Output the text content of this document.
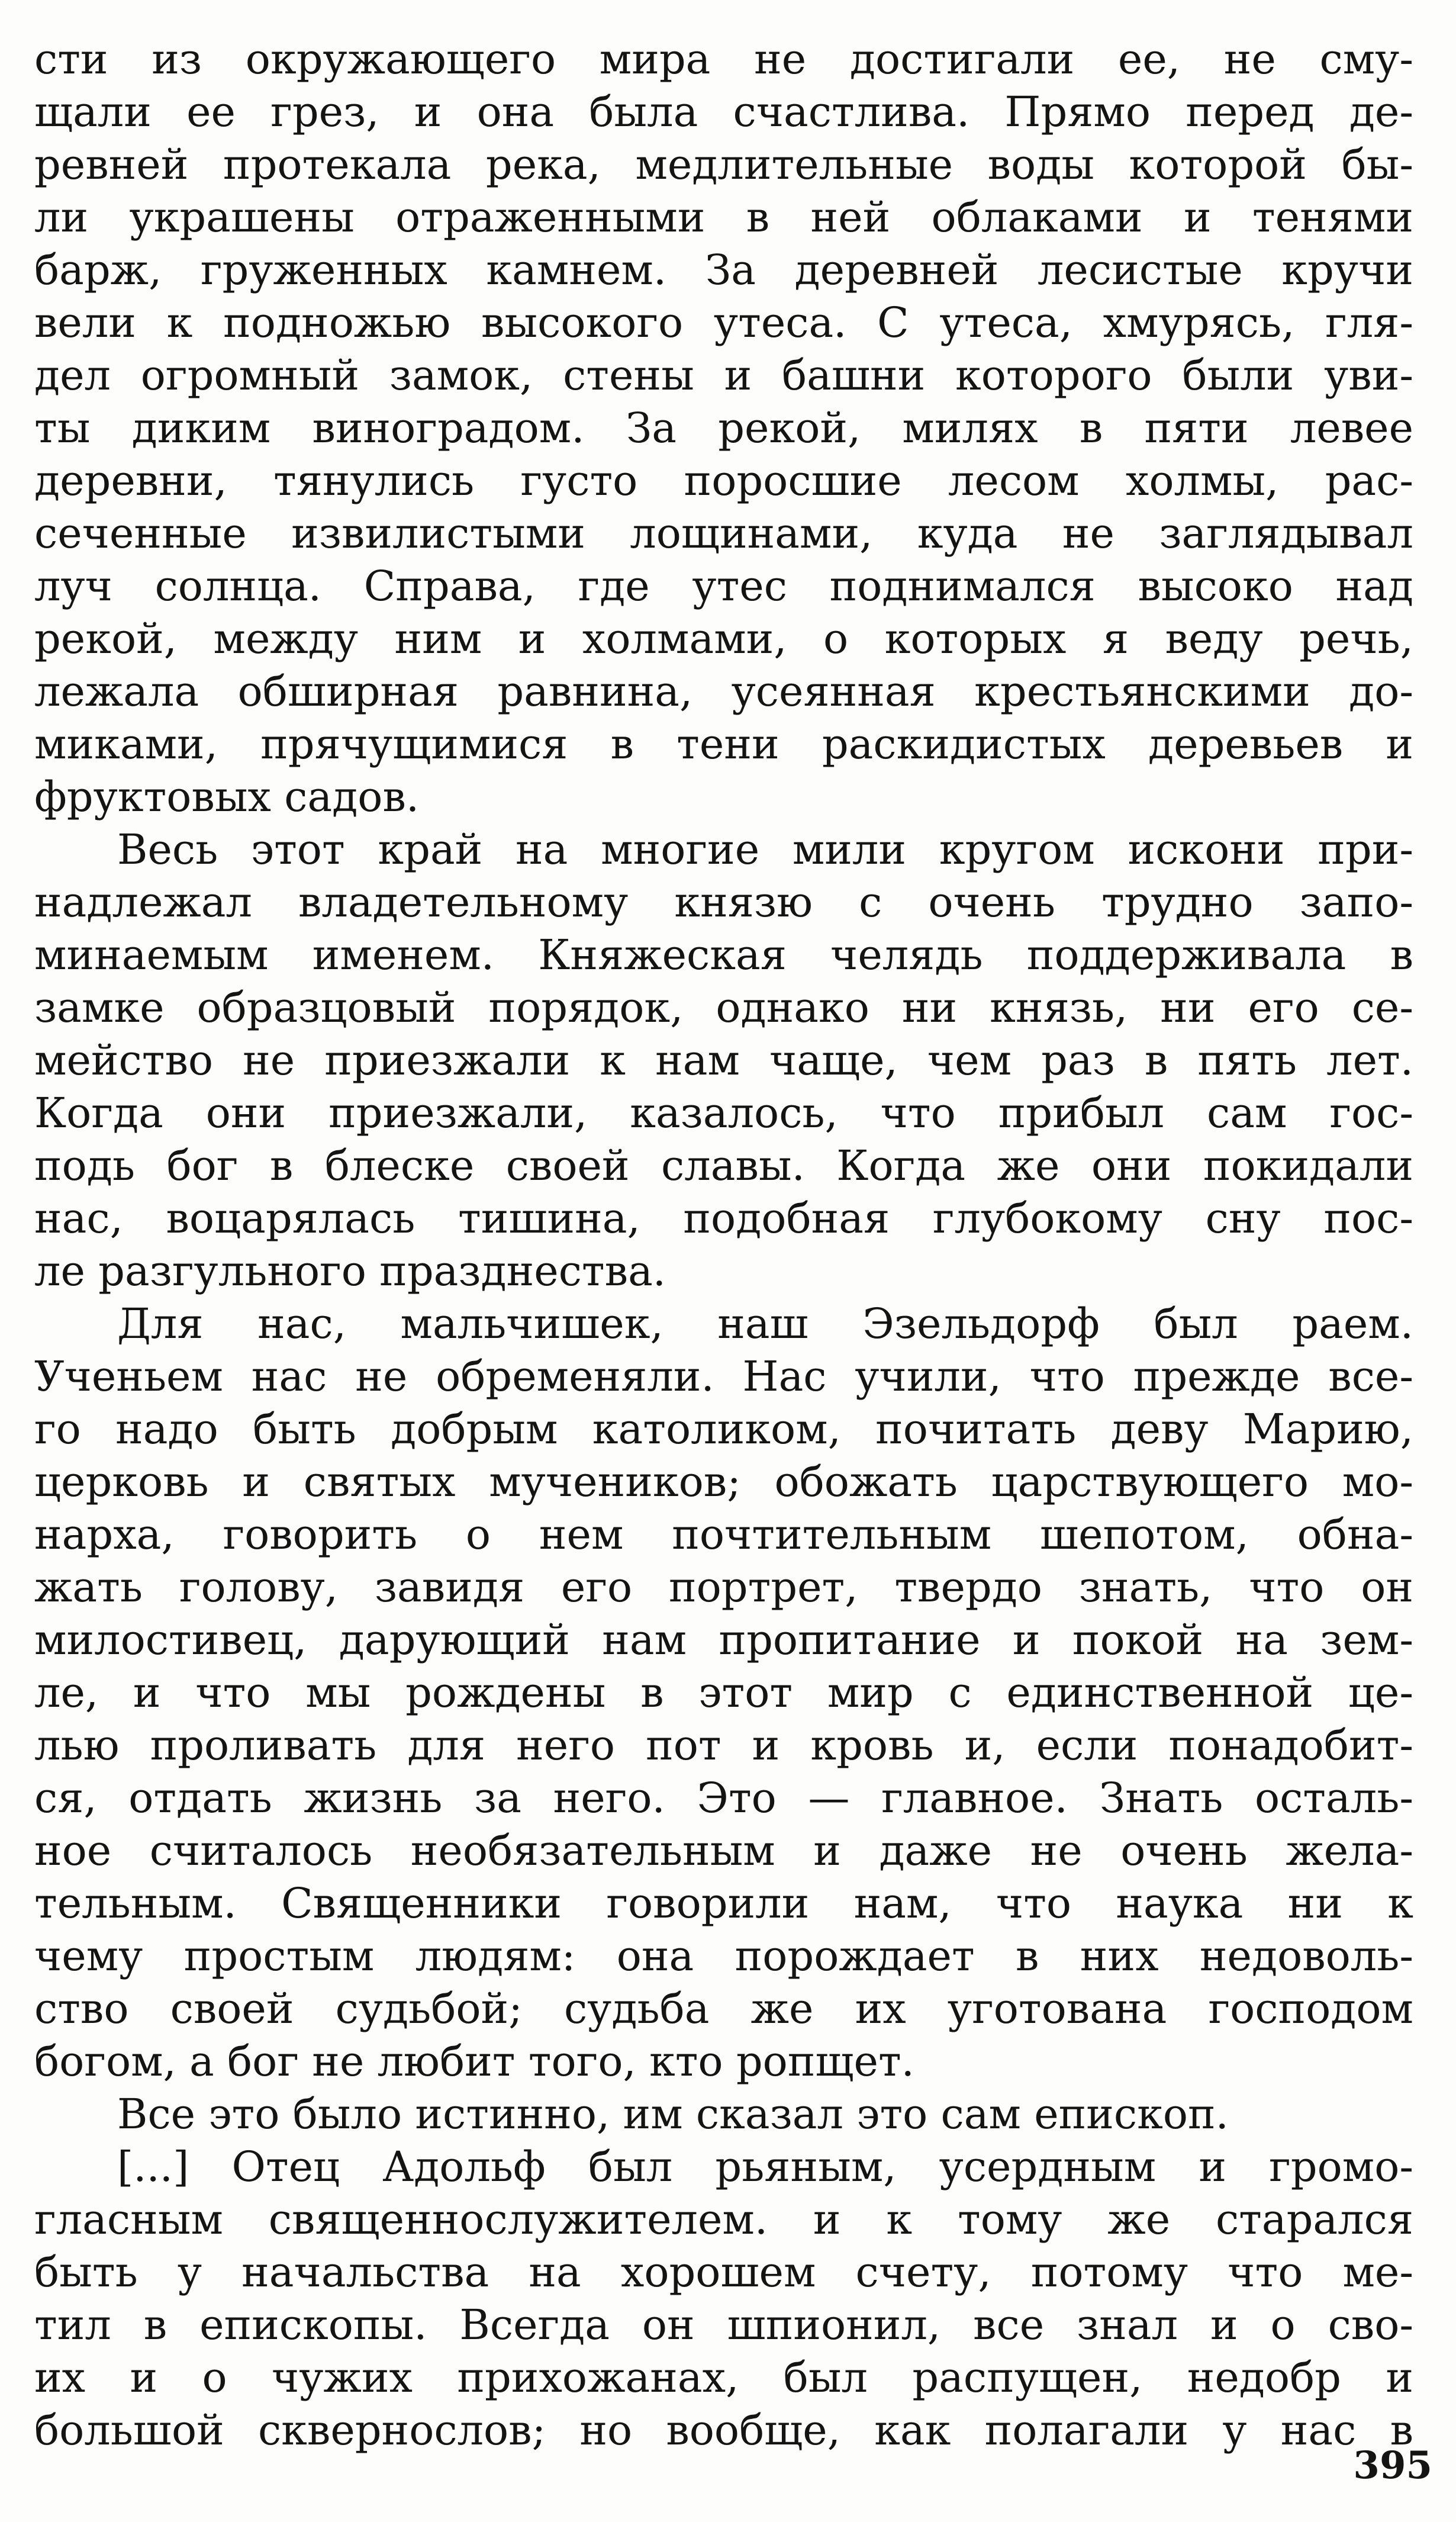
сти из окружающего мира не достигали ее, не сму-
щали ее грез, и она была счастлива. Прямо перед де-
ревней протекала река, медлительные воды которой бы-
ли украшены отраженными в ней облаками и тенями
барж, груженных камнем. За деревней лесистые кручи
вели к подножью высокого утеса. С утеса, хмурясь, гля-
дел огромный замок, стены и башни которого были уви-
ты диким виноградом. За рекой, милях в пяти левее
деревни, тянулись густо поросшие лесом холмы, рас-
сеченные извилистыми лощинами, куда не заглядывал
луч солнца. Справа, где утес поднимался высоко над
рекой, между ним и холмами, о которых я веду речь,
лежала обширная равнина, усеянная крестьянскими до-
миками, прячущимися в тени раскидистых деревьев и
фруктовых садов.
Весь этот край на многие мили кругом искони при-
надлежал владетельному князю с очень трудно запо-
минаемым именем. Княжеская челядь поддерживала в
замке образцовый порядок, однако ни князь, ни его се-
мейство не приезжали к нам чаще, чем раз в пять лет.
Когда они приезжали, казалось, что прибыл сам гос-
подь бог в блеске своей славы. Когда же они покидали
нас, воцарялась тишина, подобная глубокому сну пос-
ле разгульного празднества.
Для нас, мальчишек, наш Эзельдорф был раем.
Ученьем нас не обременяли. Нас учили, что прежде все-
го надо быть добрым католиком, почитать деву Марию,
церковь и святых мучеников; обожать царствующего мо-
нарха, говорить о нем почтительным шепотом, обна-
жать голову, завидя его портрет, твердо знать, что он
милостивец, дарующий нам пропитание и покой на зем-
ле, и что мы рождены в этот мир с единственной це-
лью проливать для него пот и кровь и, если понадобит-
ся, отдать жизнь за него. Это — главное. Знать осталь-
ное считалось необязательным и даже не очень жела-
тельным. Священники говорили нам, что наука ни к
чему простым людям: она порождает в них недоволь-
ство своей судьбой; судьба же их уготована господом
богом, а бог не любит того, кто ропщет.
Все это было истинно, им сказал это сам епископ.
[...] Отец Адольф был рьяным, усердным и громо-
гласным священнослужителем. и к тому же старался
быть у начальства на хорошем счету, потому что ме-
тил в епископы. Всегда он шпионил, все знал и о сво-
их и о чужих прихожанах, был распущен, недобр и
большой сквернослов; но вообще, как полагали у нас в
395
